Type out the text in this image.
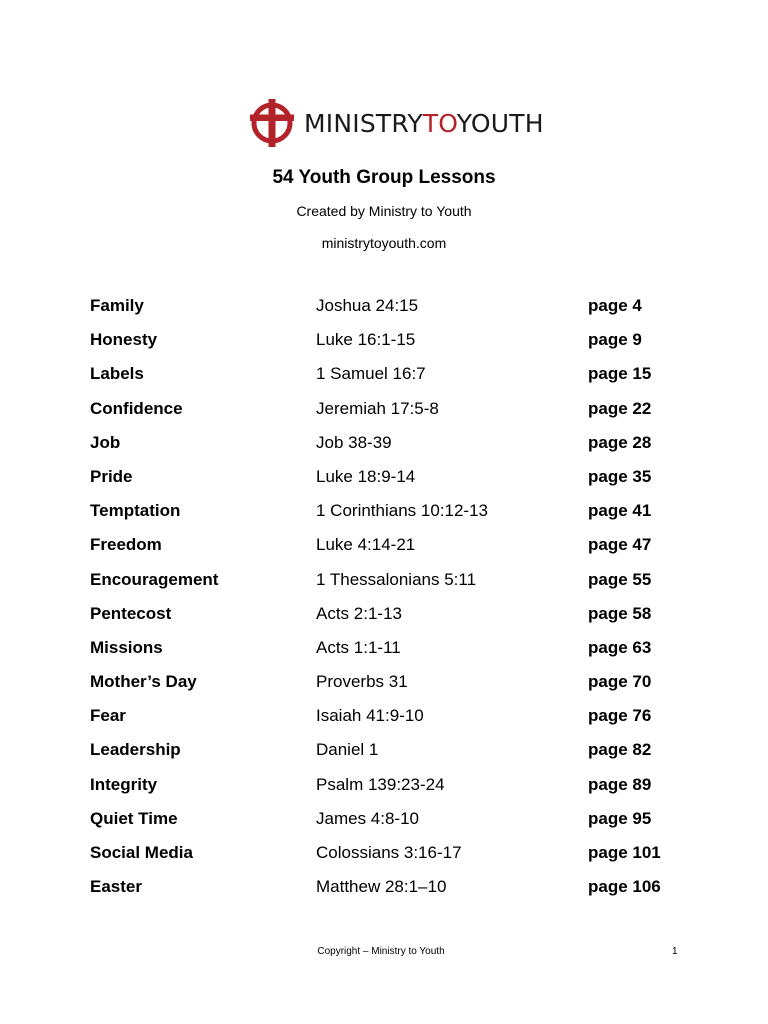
MINISTRYTOYOUTH
54 Youth Group Lessons
Created by Ministry to Youth
ministrytoyouth.com
Family	Joshua 24:15	page 4
Honesty	Luke 16:1-15	page 9
Labels	1 Samuel 16:7	page 15
Confidence	Jeremiah 17:5-8	page 22
Job	Job 38-39	page 28
Pride	Luke 18:9-14	page 35
Temptation	1 Corinthians 10:12-13	page 41
Freedom	Luke 4:14-21	page 47
Encouragement	1 Thessalonians 5:11	page 55
Pentecost	Acts 2:1-13	page 58
Missions	Acts 1:1-11	page 63
Mother’s Day	Proverbs 31	page 70
Fear	Isaiah 41:9-10	page 76
Leadership	Daniel 1	page 82
Integrity	Psalm 139:23-24	page 89
Quiet Time	James 4:8-10	page 95
Social Media	Colossians 3:16-17	page 101
Easter	Matthew 28:1–10	page 106
Copyright – Ministry to Youth	1
